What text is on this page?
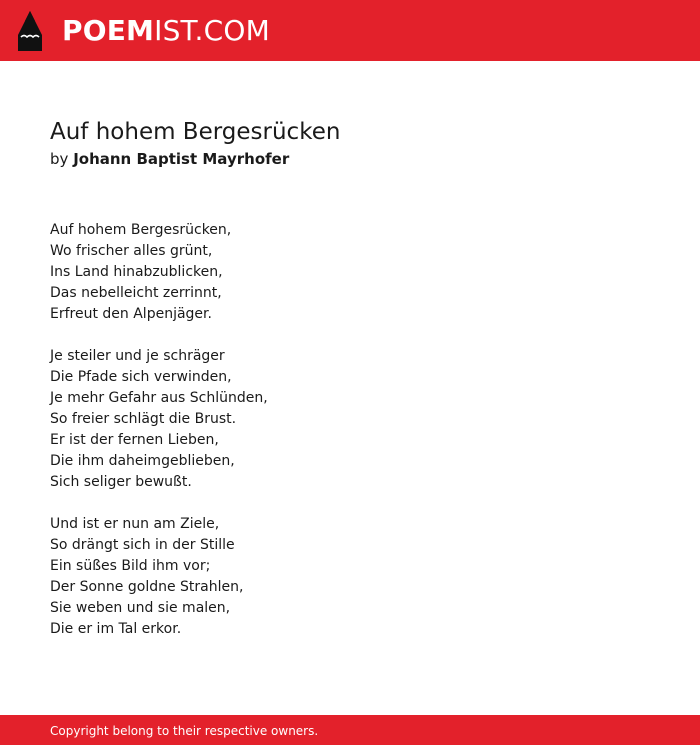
POEMIST.COM
Auf hohem Bergesrücken
by Johann Baptist Mayrhofer
Auf hohem Bergesrücken,
Wo frischer alles grünt,
Ins Land hinabzublicken,
Das nebelleicht zerrinnt,
Erfreut den Alpenjäger.
Je steiler und je schräger
Die Pfade sich verwinden,
Je mehr Gefahr aus Schlünden,
So freier schlägt die Brust.
Er ist der fernen Lieben,
Die ihm daheimgeblieben,
Sich seliger bewußt.
Und ist er nun am Ziele,
So drängt sich in der Stille
Ein süßes Bild ihm vor;
Der Sonne goldne Strahlen,
Sie weben und sie malen,
Die er im Tal erkor.
Copyright belong to their respective owners.
